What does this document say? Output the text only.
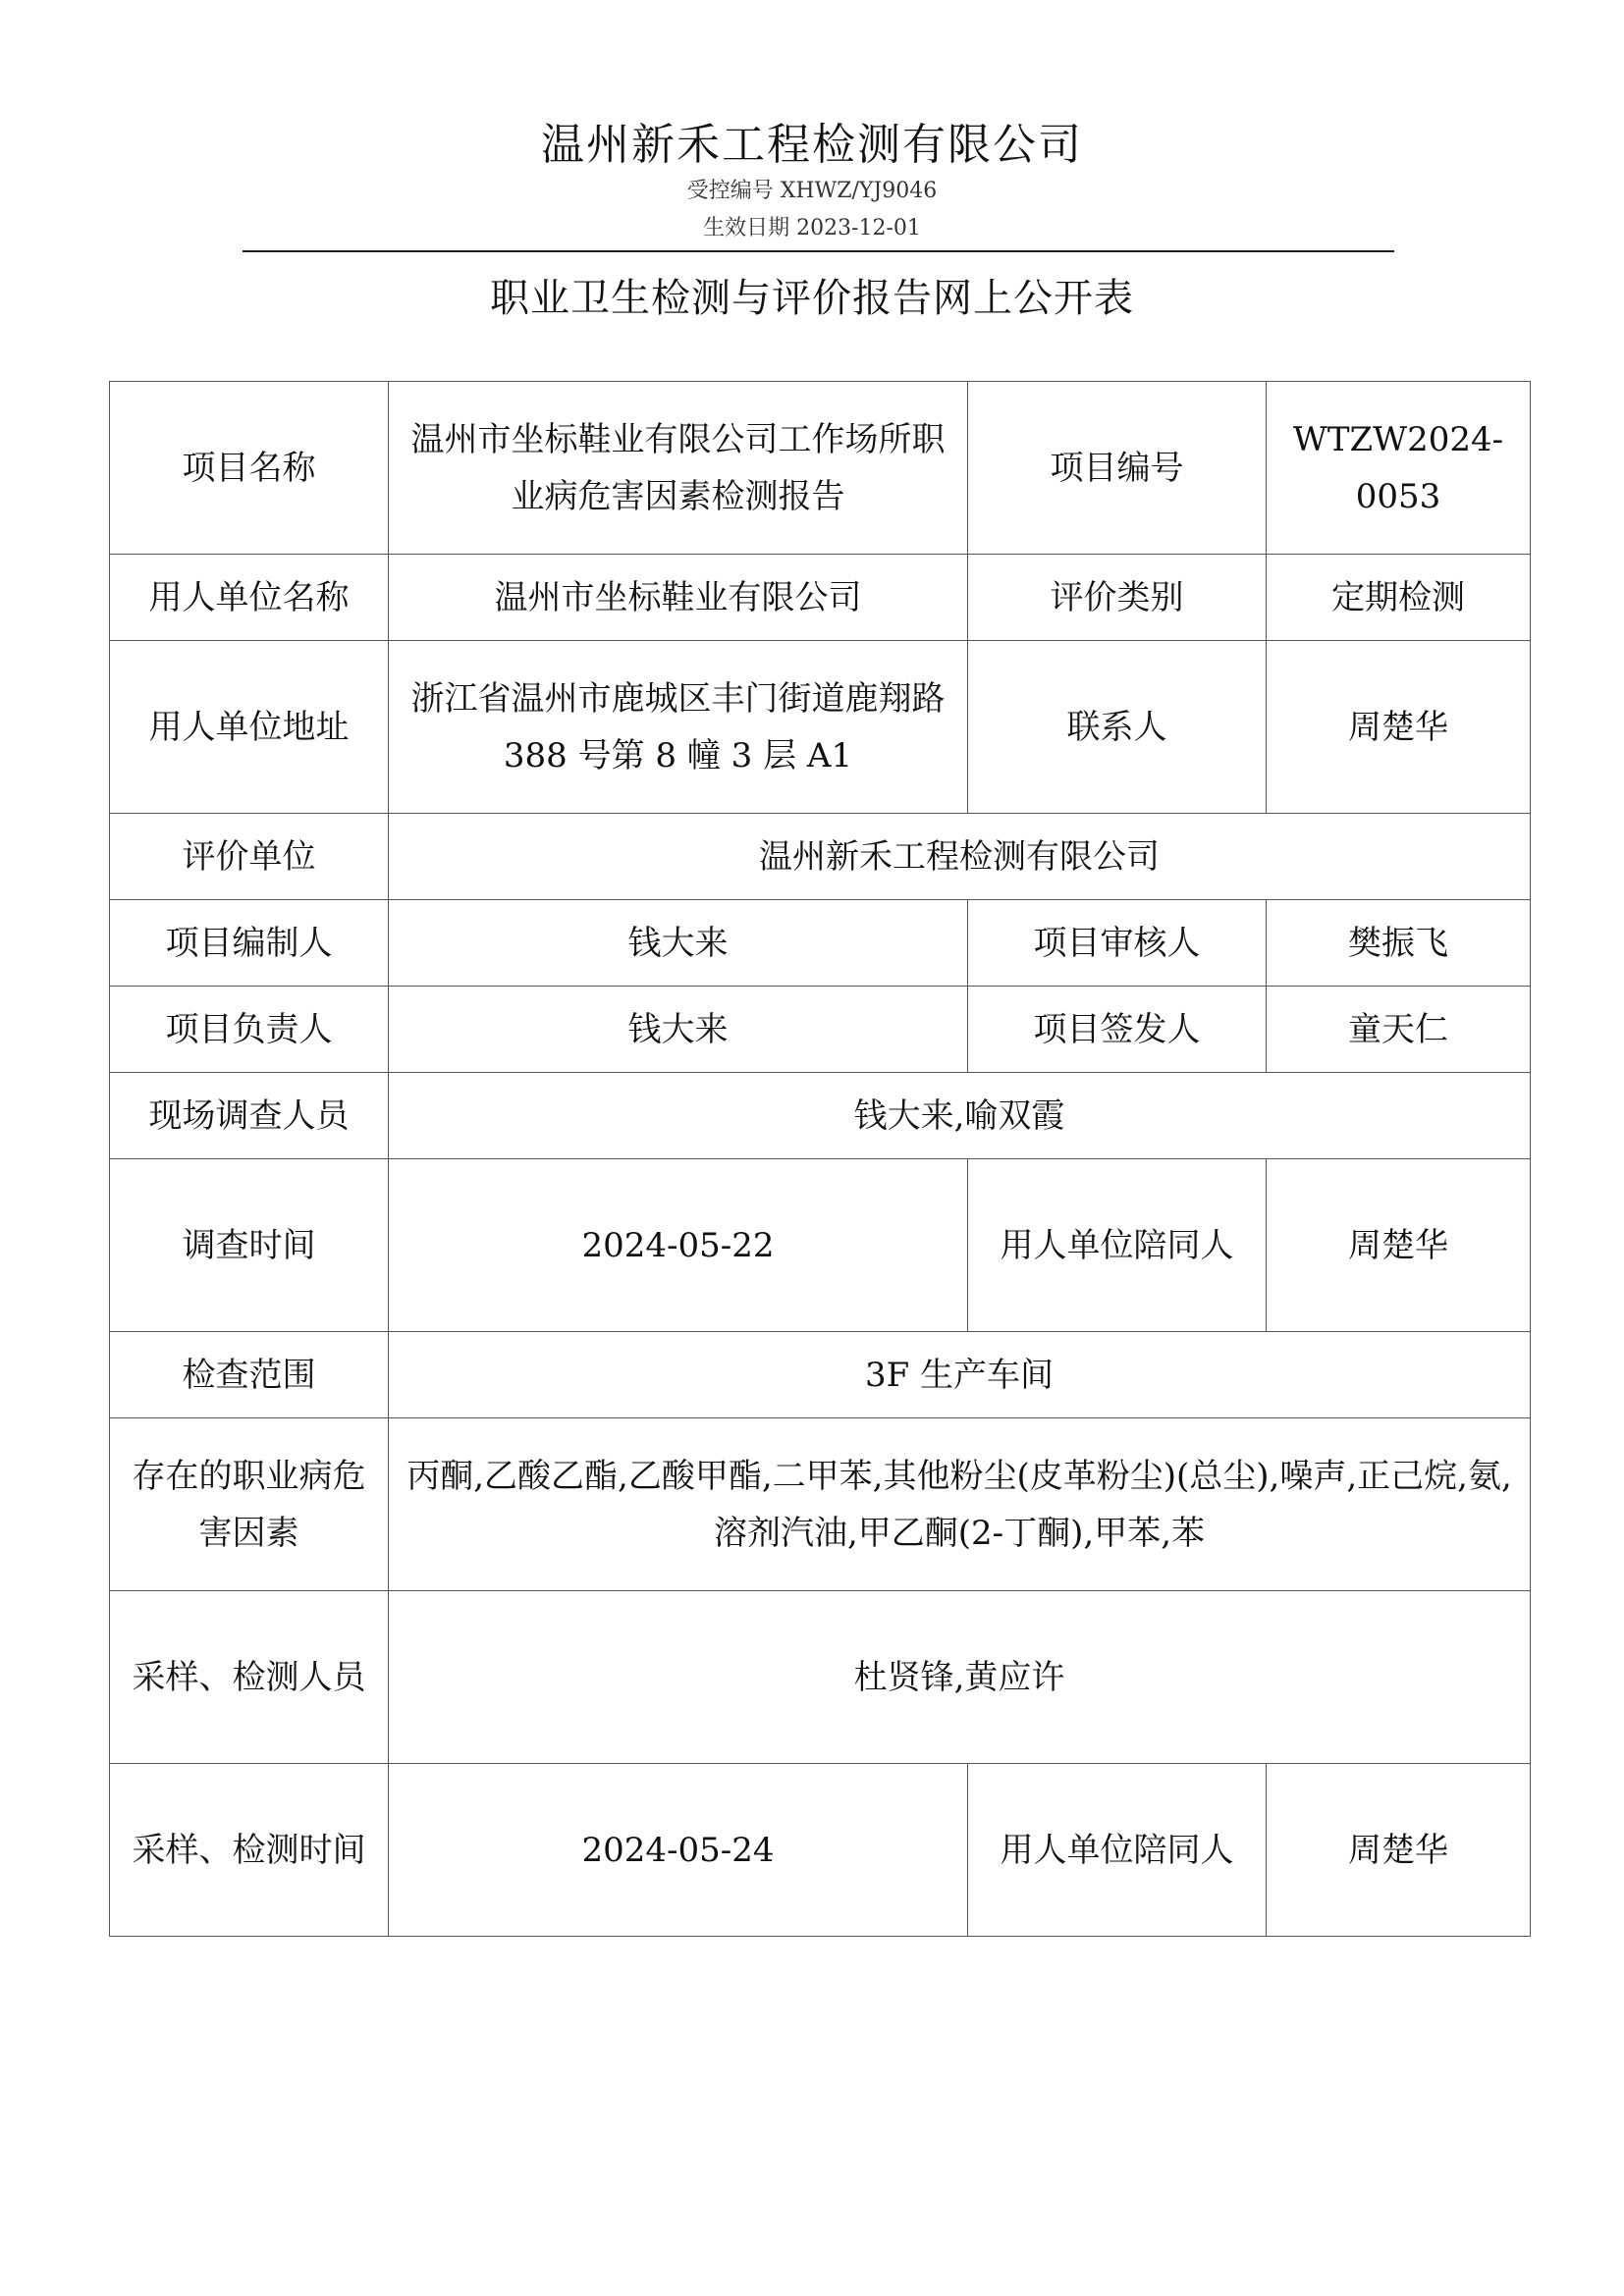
温州新禾工程检测有限公司
受控编号 XHWZ/YJ9046
生效日期 2023-12-01
职业卫生检测与评价报告网上公开表
项目名称	温州市坐标鞋业有限公司工作场所职业病危害因素检测报告	项目编号	WTZW2024-0053
用人单位名称	温州市坐标鞋业有限公司	评价类别	定期检测
用人单位地址	浙江省温州市鹿城区丰门街道鹿翔路 388 号第 8 幢 3 层 A1	联系人	周楚华
评价单位	温州新禾工程检测有限公司		
项目编制人	钱大来	项目审核人	樊振飞
项目负责人	钱大来	项目签发人	童天仁
现场调查人员	钱大来,喻双霞		
调查时间	2024-05-22	用人单位陪同人	周楚华
检查范围	3F 生产车间		
存在的职业病危害因素	丙酮,乙酸乙酯,乙酸甲酯,二甲苯,其他粉尘(皮革粉尘)(总尘),噪声,正己烷,氨,溶剂汽油,甲乙酮(2-丁酮),甲苯,苯		
采样、检测人员	杜贤锋,黄应许		
采样、检测时间	2024-05-24	用人单位陪同人	周楚华
